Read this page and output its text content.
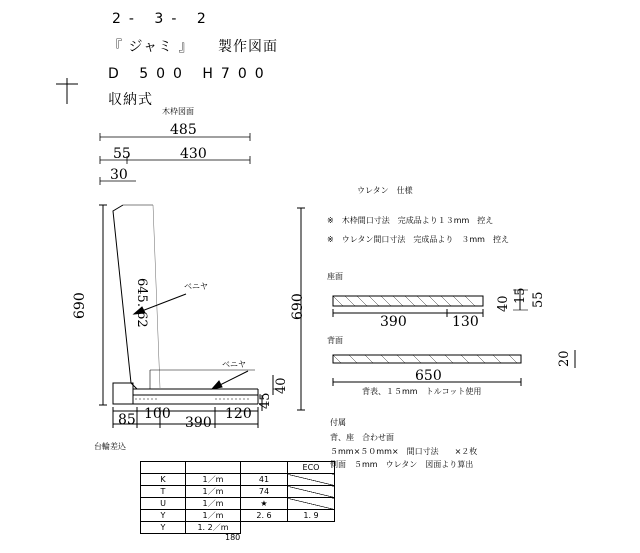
2- 3- 2
『 ジャミ 』 製作図面
D 500 H700
収納式
木枠図面
485
55	430
30
690	645. 62	ベニヤ
ベニヤ
40
45
85 100
390
120
690
ウレタン　仕様
※　木枠間口寸法　完成品より１３mm　控え
※　ウレタン間口寸法　完成品より　３mm　控え
座面
390	130
40 15 55
背面
650
20
背表、１５mm　トルコット使用
付属
背、座　合わせ面
５mm×５０mm×　間口寸法　　×２枚
側面　５mm　ウレタン　図面より算出
台輪差込
			ECO
K	1／m	41	
T	1／m	74	
U	1／m	★	
Y	1／m	2. 6	1. 9
Y	1. 2／m		
180
